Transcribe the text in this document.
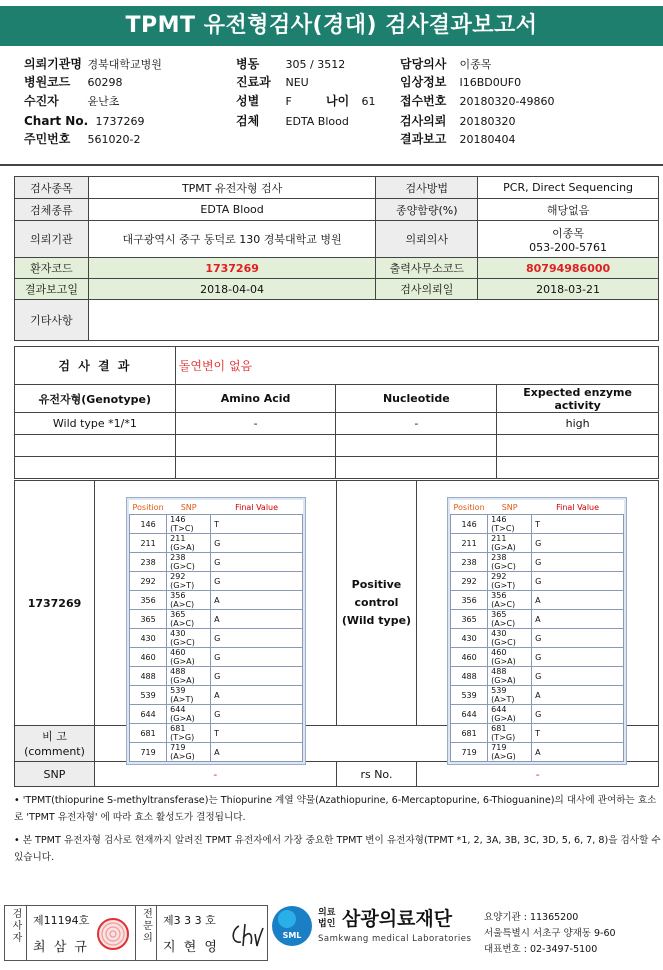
TPMT 유전형검사(경대) 검사결과보고서
의뢰기관명 경북대학교병원
병원코드 60298
수진자	윤난초
Chart No. 1737269
주민번호 561020-2
병동 305 / 3512
진료과 NEU
성별 F	나이 61
검체 EDTA Blood
담당의사 이종목
임상정보 I16BD0UF0
접수번호 20180320-49860
검사의뢰 20180320
결과보고 20180404
검사종목	TPMT 유전자형 검사	검사방법	PCR, Direct Sequencing
검체종류	EDTA Blood	종양함량(%)	해당없음
의뢰기관	대구광역시 중구 동덕로 130 경북대학교 병원	의뢰의사	이종목
053-200-5761

환자코드	1737269	출력사무소코드	80794986000
결과보고일	2018-04-04	검사의뢰일	2018-03-21
기타사항			
검 사 결 과	돌연변이 없음		
유전자형(Genotype)	Amino Acid	Nucleotide	Expected enzyme activity
Wild type *1/*1	-	-	high

1737269		Positive control (Wild type)	
비 고
(comment)			
SNP	-	rs No.	-
Position	SNP	Final Value
146	146 (T>C)	T
211	211 (G>A)	G
238	238 (G>C)	G
292	292 (G>T)	G
356	356 (A>C)	A
365	365 (A>C)	A
430	430 (G>C)	G
460	460 (G>A)	G
488	488 (G>A)	G
539	539 (A>T)	A
644	644 (G>A)	G
681	681 (T>G)	T
719	719 (A>G)	A
Position	SNP	Final Value
146	146 (T>C)	T
211	211 (G>A)	G
238	238 (G>C)	G
292	292 (G>T)	G
356	356 (A>C)	A
365	365 (A>C)	A
430	430 (G>C)	G
460	460 (G>A)	G
488	488 (G>A)	G
539	539 (A>T)	A
644	644 (G>A)	G
681	681 (T>G)	T
719	719 (A>G)	A
• 'TPMT(thiopurine S-methyltransferase)는 Thiopurine 계열 약물(Azathiopurine, 6-Mercaptopurine, 6-Thioguanine)의 대사에 관여하는 효소로 'TPMT 유전자형' 에 따라 효소 활성도가 결정됩니다.
• 본 TPMT 유전자형 검사로 현재까지 알려진 TPMT 유전자에서 가장 중요한 TPMT 변이 유전자형(TPMT *1, 2, 3A, 3B, 3C, 3D, 5, 6, 7, 8)을 검사할 수 있습니다.
검사자	제11194호
최 삼 규
전문의	제3 3 3 호
지 현 영
SML
의료법인 삼광의료재단
Samkwang medical Laboratories
요양기관 : 11365200
서울특별시 서초구 양재동 9-60
대표번호 : 02-3497-5100
